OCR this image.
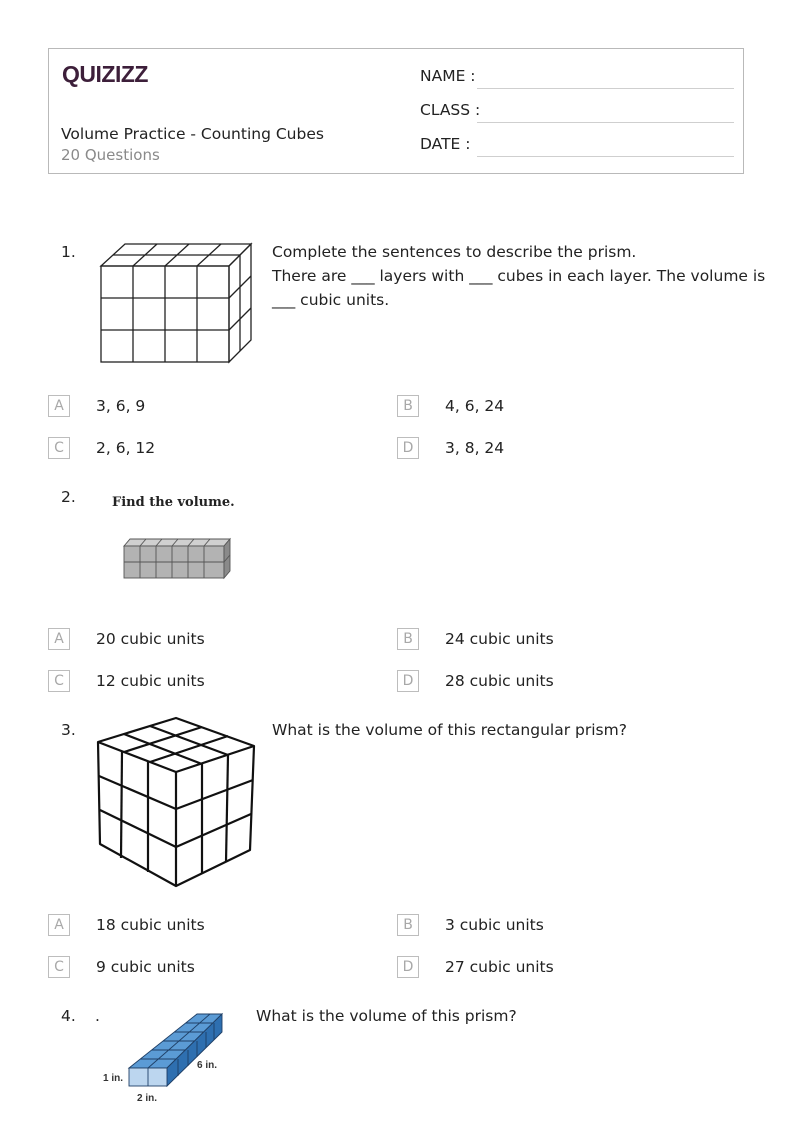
QUIZIZZ
Volume Practice - Counting Cubes
20 Questions
NAME :
CLASS :
DATE :
1.	Complete the sentences to describe the prism.
There are ___ layers with ___ cubes in each layer. The volume is
___ cubic units.
A	3, 6, 9	B	4, 6, 24
C	2, 6, 12	D	3, 8, 24
2.	Find the volume.
A	20 cubic units	B	24 cubic units
C	12 cubic units	D	28 cubic units
3.	What is the volume of this rectangular prism?
A	18 cubic units	B	3 cubic units
C	9 cubic units	D	27 cubic units
4. .
1 in.
2 in.
6 in.
What is the volume of this prism?
